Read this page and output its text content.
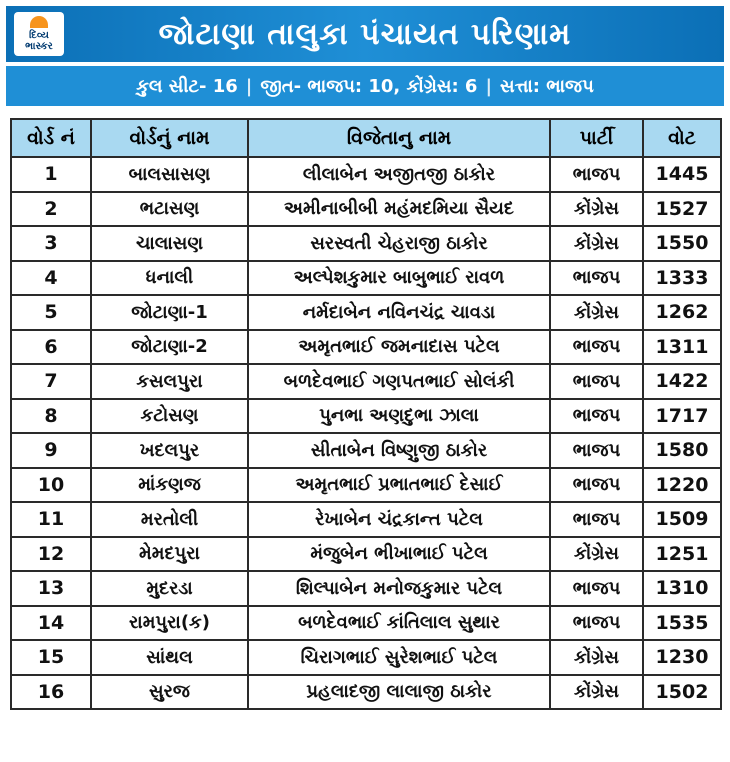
દિવ્ય
ભાસ્કર	જોટાણા તાલુકા પંચાયત પરિણામ
કુલ સીટ- 16 | જીત- ભાજપ: 10, કોંગ્રેસ: 6 | સત્તા: ભાજપ
વોર્ડ નં	વોર્ડનું નામ	વિજેતાનુ નામ	પાર્ટી	વોટ
1	બાલસાસણ	લીલાબેન અજીતજી ઠાકોર	ભાજપ	1445
2	ભટાસણ	અમીનાબીબી મહંમદમિયા સૈયદ	કોંગ્રેસ	1527
3	ચાલાસણ	સરસ્વતી ચેહરાજી ઠાકોર	કોંગ્રેસ	1550
4	ધનાલી	અલ્પેશકુમાર બાબુભાઈ રાવળ	ભાજપ	1333
5	જોટાણા-1	નર્મદાબેન નવિનચંદ્ર ચાવડા	કોંગ્રેસ	1262
6	જોટાણા-2	અમૃતભાઈ જમનાદાસ પટેલ	ભાજપ	1311
7	કસલપુરા	બળદેવભાઈ ગણપતભાઈ સોલંકી	ભાજપ	1422
8	કટોસણ	પુનભા અણદુભા ઝાલા	ભાજપ	1717
9	ખદલપુર	સીતાબેન વિષ્ણુજી ઠાકોર	ભાજપ	1580
10	માંકણજ	અમૃતભાઈ પ્રભાતભાઈ દેસાઈ	ભાજપ	1220
11	મરતોલી	રેખાબેન ચંદ્રકાન્ત પટેલ	ભાજપ	1509
12	મેમદપુરા	મંજુબેન ભીખાભાઈ પટેલ	કોંગ્રેસ	1251
13	મુદરડા	શિલ્પાબેન મનોજકુમાર પટેલ	ભાજપ	1310
14	રામપુરા(ક)	બળદેવભાઈ કાંતિલાલ સુથાર	ભાજપ	1535
15	સાંથલ	ચિરાગભાઈ સુરેશભાઈ પટેલ	કોંગ્રેસ	1230
16	સુરજ	પ્રહલાદજી લાલાજી ઠાકોર	કોંગ્રેસ	1502
